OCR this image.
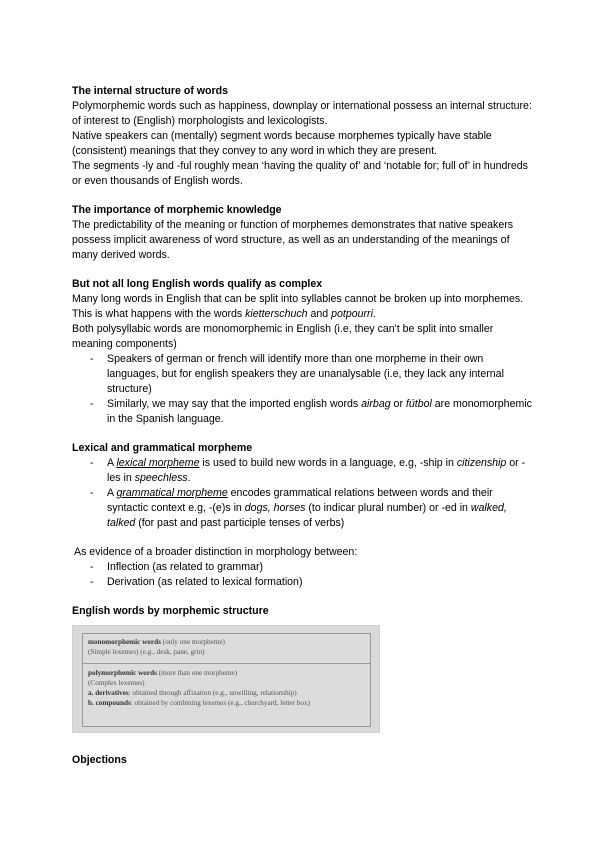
The internal structure of words

Polymorphemic words such as happiness, downplay or international possess an internal structure: of interest to (English) morphologists and lexicologists.

Native speakers can (mentally) segment words because morphemes typically have stable (consistent) meanings that they convey to any word in which they are present.

The segments -ly and -ful roughly mean ‘having the quality of’ and ‘notable for; full of’ in hundreds or even thousands of English words.

The importance of morphemic knowledge

The predictability of the meaning or function of morphemes demonstrates that native speakers possess implicit awareness of word structure, as well as an understanding of the meanings of many derived words.

But not all long English words qualify as complex

Many long words in English that can be split into syllables cannot be broken up into morphemes.

This is what happens with the words kietterschuch and potpourri.

Both polysyllabic words are monomorphemic in English (i.e, they can't be split into smaller meaning components)

- Speakers of german or french will identify more than one morpheme in their own languages, but for english speakers they are unanalysable (i.e, they lack any internal structure)
- Similarly, we may say that the imported english words airbag or fútbol are monomorphemic in the Spanish language.
Lexical and grammatical morpheme
- A lexical morpheme is used to build new words in a language, e.g, -ship in citizenship or -les in speechless.
- A grammatical morpheme encodes grammatical relations between words and their syntactic context e.g, -(e)s in dogs, horses (to indicar plural number) or -ed in walked, talked (for past and past participle tenses of verbs)

As evidence of a broader distinction in morphology between:

- Inflection (as related to grammar)
- Derivation (as related to lexical formation)
English words by morphemic structure
monomorphemic words (only one morpheme)
(Simple lexemes) (e.g., desk, pane, grin)
polymorphemic words (more than one morpheme)
(Complex lexemes)
a. derivatives: obtained through affixation (e.g., unwilling, relationship)
b. compounds: obtained by combining lexemes (e.g., churchyard, letter box)
Objections
